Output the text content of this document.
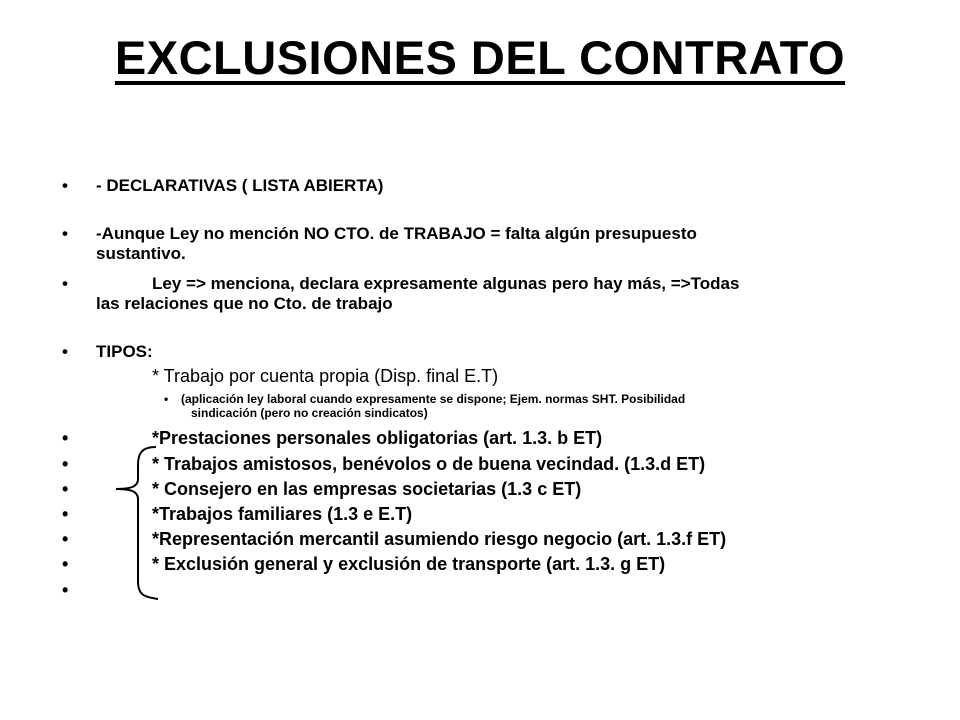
EXCLUSIONES DEL CONTRATO
• - DECLARATIVAS ( LISTA ABIERTA)
• -Aunque Ley no mención NO CTO. de TRABAJO = falta algún presupuesto
sustantivo.
•	Ley => menciona, declara expresamente algunas pero hay más, =>Todas
las relaciones que no Cto. de trabajo
• TIPOS:
* Trabajo por cuenta propia (Disp. final E.T)
• (aplicación ley laboral cuando expresamente se dispone; Ejem. normas SHT. Posibilidad
sindicación (pero no creación sindicatos)
•	*Prestaciones personales obligatorias (art. 1.3. b ET)
•	* Trabajos amistosos, benévolos o de buena vecindad. (1.3.d ET)
•	* Consejero en las empresas societarias (1.3 c ET)
•	*Trabajos familiares (1.3 e E.T)
•	*Representación mercantil asumiendo riesgo negocio (art. 1.3.f ET)
•	* Exclusión general y exclusión de transporte (art. 1.3. g ET)
•
